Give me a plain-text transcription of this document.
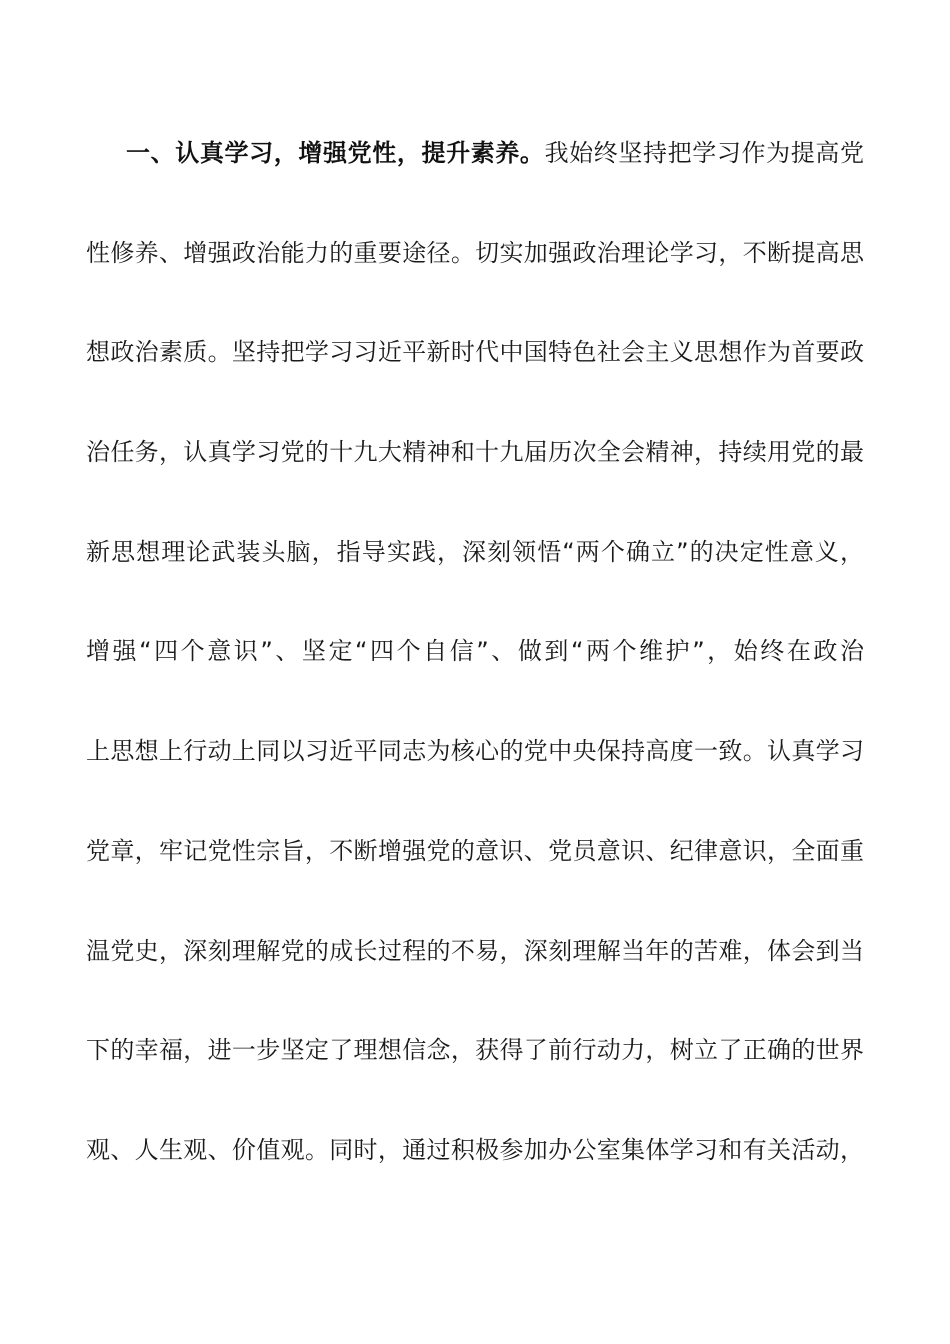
一、认真学习，增强党性，提升素养。我始终坚持把学习作为提高党
性修养、增强政治能力的重要途径。切实加强政治理论学习，不断提高思
想政治素质。坚持把学习习近平新时代中国特色社会主义思想作为首要政
治任务，认真学习党的十九大精神和十九届历次全会精神，持续用党的最
新思想理论武装头脑，指导实践，深刻领悟“两个确立”的决定性意义，
增强“四个意识”、坚定“四个自信”、做到“两个维护”，始终在政治
上思想上行动上同以习近平同志为核心的党中央保持高度一致。认真学习
党章，牢记党性宗旨，不断增强党的意识、党员意识、纪律意识，全面重
温党史，深刻理解党的成长过程的不易，深刻理解当年的苦难，体会到当
下的幸福，进一步坚定了理想信念，获得了前行动力，树立了正确的世界
观、人生观、价值观。同时，通过积极参加办公室集体学习和有关活动，
